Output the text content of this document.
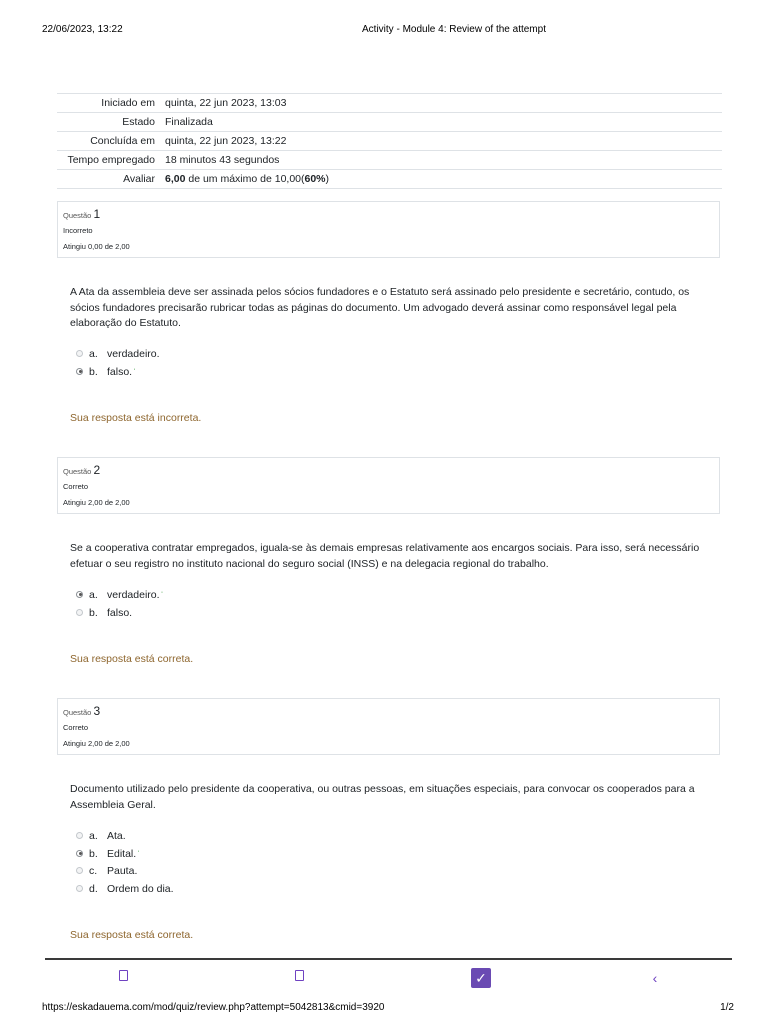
22/06/2023, 13:22	Activity - Module 4: Review of the attempt
Iniciado em	quinta, 22 jun 2023, 13:03
Estado	Finalizada
Concluída em	quinta, 22 jun 2023, 13:22
Tempo empregado	18 minutos 43 segundos
Avaliar	6,00 de um máximo de 10,00(60%)
Questão 1
Incorreto
Atingiu 0,00 de 2,00
A Ata da assembleia deve ser assinada pelos sócios fundadores e o Estatuto será assinado pelo presidente e secretário, contudo, os sócios fundadores precisarão rubricar todas as páginas do documento. Um advogado deverá assinar como responsável legal pela elaboração do Estatuto.
a. verdadeiro.
b. falso.ˈ
Sua resposta está incorreta.
Questão 2
Correto
Atingiu 2,00 de 2,00
Se a cooperativa contratar empregados, iguala-se às demais empresas relativamente aos encargos sociais. Para isso, será necessário efetuar o seu registro no instituto nacional do seguro social (INSS) e na delegacia regional do trabalho.
a. verdadeiro.ˈ
b. falso.
Sua resposta está correta.
Questão 3
Correto
Atingiu 2,00 de 2,00
Documento utilizado pelo presidente da cooperativa, ou outras pessoas, em situações especiais, para convocar os cooperados para a Assembleia Geral.
a. Ata.
b. Edital.ˈ
c. Pauta.
d. Ordem do dia.
Sua resposta está correta.
✓	‹
https://eskadauema.com/mod/quiz/review.php?attempt=5042813&cmid=3920	1/2
